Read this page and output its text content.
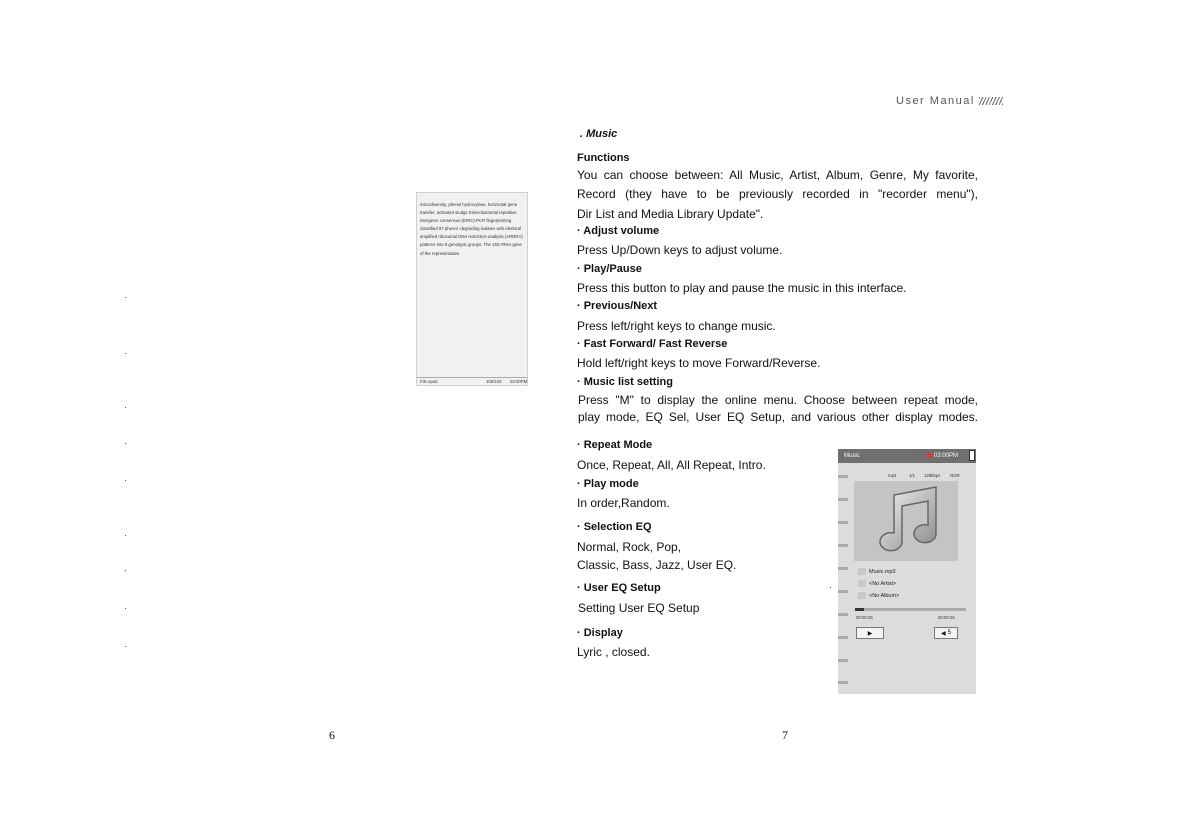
User Manual
microdiversity, phenol hydroxylase, horizontal gene transfer, activated sludge Enterobacterial repetitive intergenic consensus (ERIC)-PCR fingerprinting classified 97 phenol -degrading isolates with identical amplified ribosomal DNA restriction analysis (ARDRA) patterns into 8 genotypic groups. The 16S rRNA gene of the representative
File.epub	100/103 03:00PM
·
·
·
·
·
·
·
·
·
6
. Music
Functions
You can choose between: All Music, Artist, Album, Genre, My favorite,
Record (they have to be previously recorded in "recorder menu"),
Dir List and Media Library Update".
· Adjust volume
Press Up/Down keys to adjust volume.
· Play/Pause
Press this button to play and pause the music in this interface.
· Previous/Next
Press left/right keys to change music.
· Fast Forward/ Fast Reverse
Hold left/right keys to move Forward/Reverse.
· Music list setting
Press "M" to display the online menu. Choose between repeat mode,
play mode, EQ Sel, User EQ Setup, and various other display modes.
· Repeat Mode
Once, Repeat, All, All Repeat, Intro.
· Play mode
In order,Random.
· Selection EQ
Normal, Rock, Pop,
Classic, Bass, Jazz, User EQ.
· User EQ Setup
Setting User EQ Setup
· Display
Lyric , closed.
·
7
Music	03:00PM
mp3	1/1 128kbps NOR
Music.mp3
<No Artist>
<No Album>
00:00:25	00:00:25
▶	◀ 5
